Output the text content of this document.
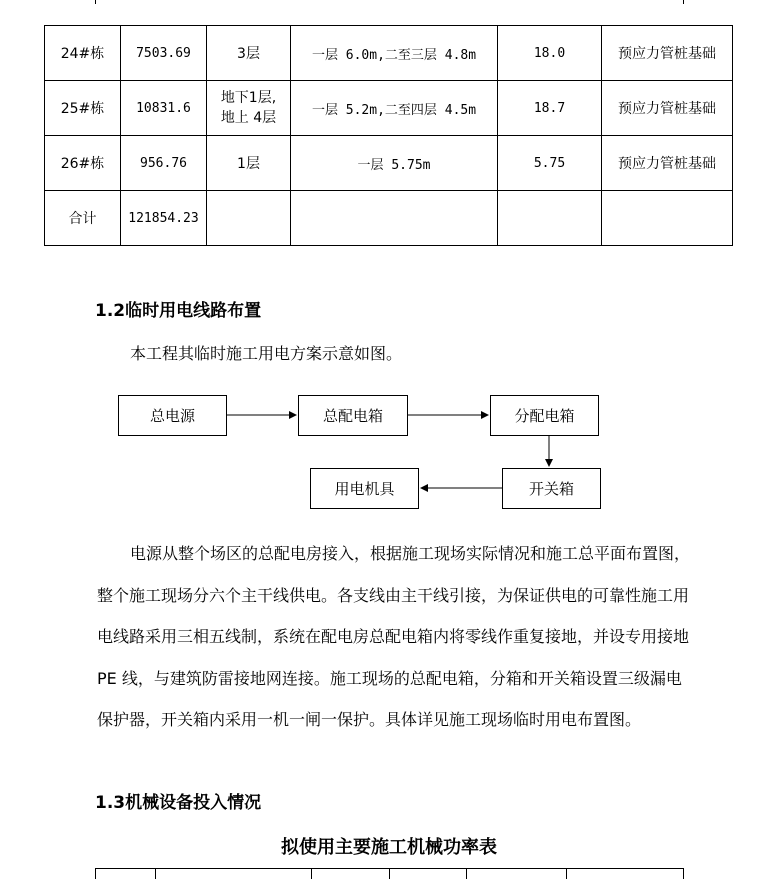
24#栋	7503.69	3层	一层 6.0m,二至三层 4.8m	18.0	预应力管桩基础
25#栋	10831.6	地下1层,
地上 4层	一层 5.2m,二至四层 4.5m	18.7	预应力管桩基础
26#栋	956.76	1层	一层 5.75m	5.75	预应力管桩基础
合计	121854.23				
1.2临时用电线路布置
本工程其临时施工用电方案示意如图。
总电源	总配电箱	分配电箱
开关箱
用电机具

电源从整个场区的总配电房接入，根据施工现场实际情况和施工总平面布置图，整个施工现场分六个主干线供电。各支线由主干线引接，为保证供电的可靠性施工用电线路采用三相五线制，系统在配电房总配电箱内将零线作重复接地，并设专用接地 PE 线，与建筑防雷接地网连接。施工现场的总配电箱，分箱和开关箱设置三级漏电保护器，开关箱内采用一机一闸一保护。具体详见施工现场临时用电布置图。

1.3机械设备投入情况
拟使用主要施工机械功率表
